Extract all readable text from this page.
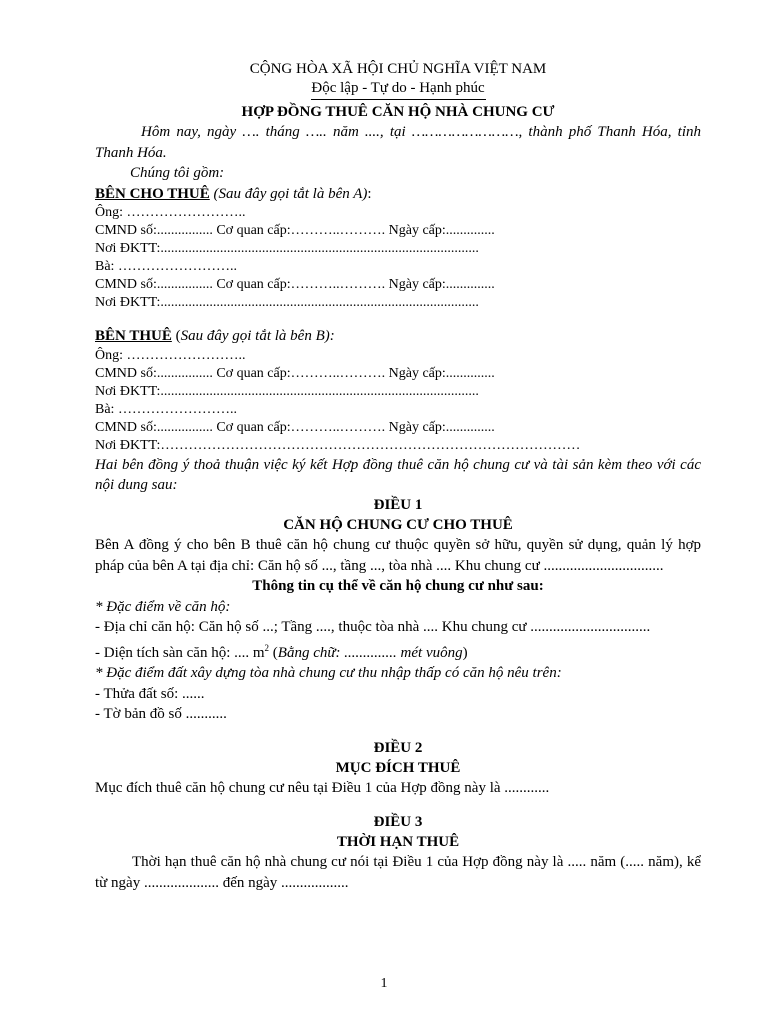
CỘNG HÒA XÃ HỘI CHỦ NGHĨA VIỆT NAM
Độc lập - Tự do - Hạnh phúc
HỢP ĐỒNG THUÊ CĂN HỘ NHÀ CHUNG CƯ
Hôm nay, ngày …. tháng ….. năm ...., tại ……………………, thành phố Thanh Hóa, tỉnh Thanh Hóa.
Chúng tôi gồm:
BÊN CHO THUÊ (Sau đây gọi tắt là bên A):
Ông: ……………………..
CMND số:................ Cơ quan cấp:………..………. Ngày cấp:..............
Nơi ĐKTT:...........................................................................................
Bà: ……………………..
CMND số:................ Cơ quan cấp:………..………. Ngày cấp:..............
Nơi ĐKTT:...........................................................................................
BÊN THUÊ (Sau đây gọi tắt là bên B):
Ông: ……………………..
CMND số:................ Cơ quan cấp:………..………. Ngày cấp:..............
Nơi ĐKTT:...........................................................................................
Bà: ……………………..
CMND số:................ Cơ quan cấp:………..………. Ngày cấp:..............
Nơi ĐKTT:………………………………………………………………………………
Hai bên đồng ý thoả thuận việc ký kết Hợp đồng thuê căn hộ chung cư và tài sản kèm theo với các nội dung sau:
ĐIỀU 1
CĂN HỘ CHUNG CƯ CHO THUÊ
Bên A đồng ý cho bên B thuê căn hộ chung cư thuộc quyền sở hữu, quyền sử dụng, quản lý hợp pháp của bên A tại địa chỉ: Căn hộ số ..., tầng ..., tòa nhà .... Khu chung cư ................................
Thông tin cụ thể về căn hộ chung cư như sau:
* Đặc điểm về căn hộ:
- Địa chỉ căn hộ: Căn hộ số ...; Tầng ...., thuộc tòa nhà .... Khu chung cư ................................
- Diện tích sàn căn hộ: .... $m^2$ (Bằng chữ: .............. mét vuông)
* Đặc điểm đất xây dựng tòa nhà chung cư thu nhập thấp có căn hộ nêu trên:
- Thửa đất số: ......
- Tờ bản đồ số ...........
ĐIỀU 2
MỤC ĐÍCH THUÊ
Mục đích thuê căn hộ chung cư nêu tại Điều 1 của Hợp đồng này là ............
ĐIỀU 3
THỜI HẠN THUÊ
Thời hạn thuê căn hộ nhà chung cư nói tại Điều 1 của Hợp đồng này là ..... năm (..... năm), kể từ ngày .................... đến ngày ..................
1
